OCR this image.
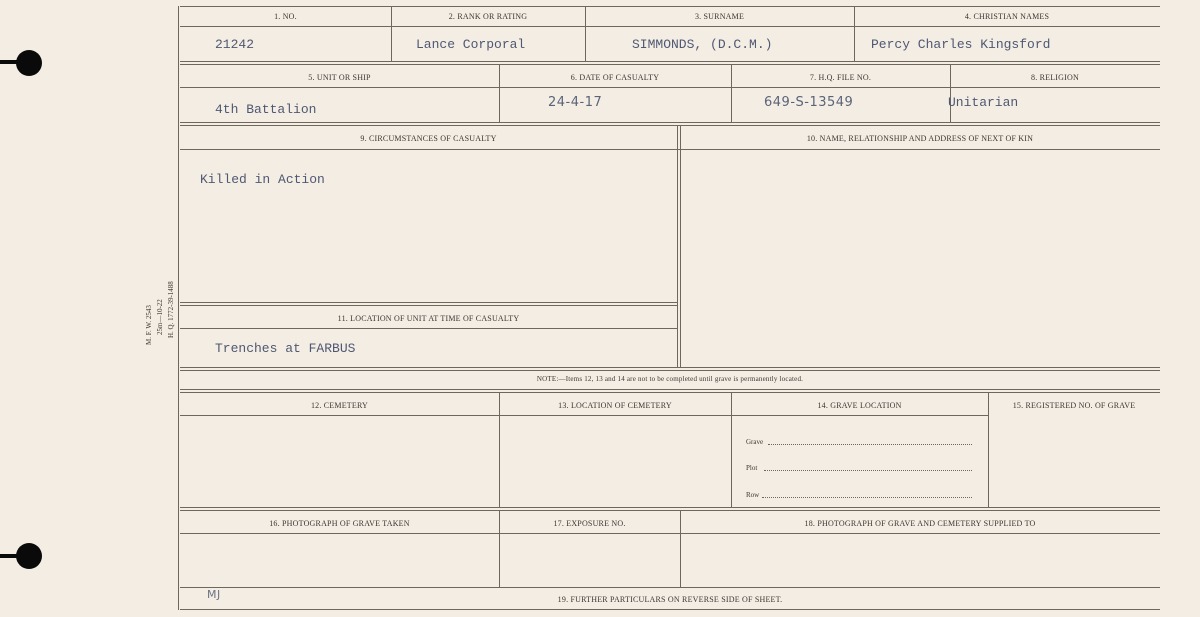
M. F. W. 2543 25m—10-22 H. Q. 1772-39-1488
1. NO.	2. RANK OR RATING	3. SURNAME	4. CHRISTIAN NAMES
21242	Lance Corporal	SIMMONDS, (D.C.M.)	Percy Charles Kingsford
5. UNIT OR SHIP	6. DATE OF CASUALTY	7. H.Q. FILE NO.	8. RELIGION
4th Battalion	24-4-17	649-S-13549	Unitarian
9. CIRCUMSTANCES OF CASUALTY	10. NAME, RELATIONSHIP AND ADDRESS OF NEXT OF KIN
Killed in Action
11. LOCATION OF UNIT AT TIME OF CASUALTY
Trenches at FARBUS
NOTE:—Items 12, 13 and 14 are not to be completed until grave is permanently located.
12. CEMETERY	13. LOCATION OF CEMETERY	14. GRAVE LOCATION	15. REGISTERED NO. OF GRAVE
Grave
Plot
Row
16. PHOTOGRAPH OF GRAVE TAKEN	17. EXPOSURE NO.	18. PHOTOGRAPH OF GRAVE AND CEMETERY SUPPLIED TO
MJ	19. FURTHER PARTICULARS ON REVERSE SIDE OF SHEET.
